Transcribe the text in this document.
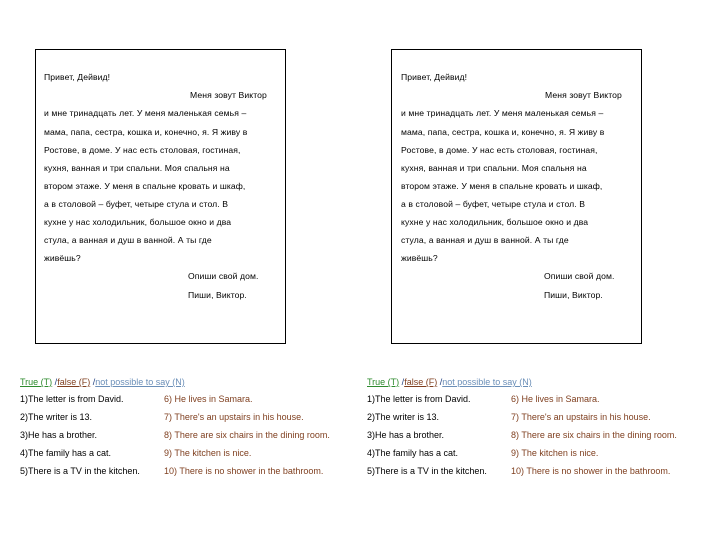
Привет, Дейвид!
Меня зовут Виктор
и мне тринадцать лет. У меня маленькая семья –
мама, папа, сестра, кошка и, конечно, я. Я живу в
Ростове, в доме. У нас есть столовая, гостиная,
кухня, ванная и три спальни. Моя спальня на
втором этаже. У меня в спальне кровать и шкаф,
а в столовой – буфет, четыре стула и стол. В
кухне у нас холодильник, большое окно и два
стула, а ванная и душ в ванной. А ты где
живёшь?
Опиши свой дом.
Пиши, Виктор.
Привет, Дейвид!
Меня зовут Виктор
и мне тринадцать лет. У меня маленькая семья –
мама, папа, сестра, кошка и, конечно, я. Я живу в
Ростове, в доме. У нас есть столовая, гостиная,
кухня, ванная и три спальни. Моя спальня на
втором этаже. У меня в спальне кровать и шкаф,
а в столовой – буфет, четыре стула и стол. В
кухне у нас холодильник, большое окно и два
стула, а ванная и душ в ванной. А ты где
живёшь?
Опиши свой дом.
Пиши, Виктор.
True (T) /false (F) /not possible to say (N)
1)The letter is from David.	6) He lives in Samara.
2)The writer is 13.	7) There's an upstairs in his house.
3)He has a brother.	8) There are six chairs in the dining room.
4)The family has a cat.	9) The kitchen is nice.
5)There is a TV in the kitchen.	10) There is no shower in the bathroom.
True (T) /false (F) /not possible to say (N)
1)The letter is from David.	6) He lives in Samara.
2)The writer is 13.	7) There's an upstairs in his house.
3)He has a brother.	8) There are six chairs in the dining room.
4)The family has a cat.	9) The kitchen is nice.
5)There is a TV in the kitchen.	10) There is no shower in the bathroom.
